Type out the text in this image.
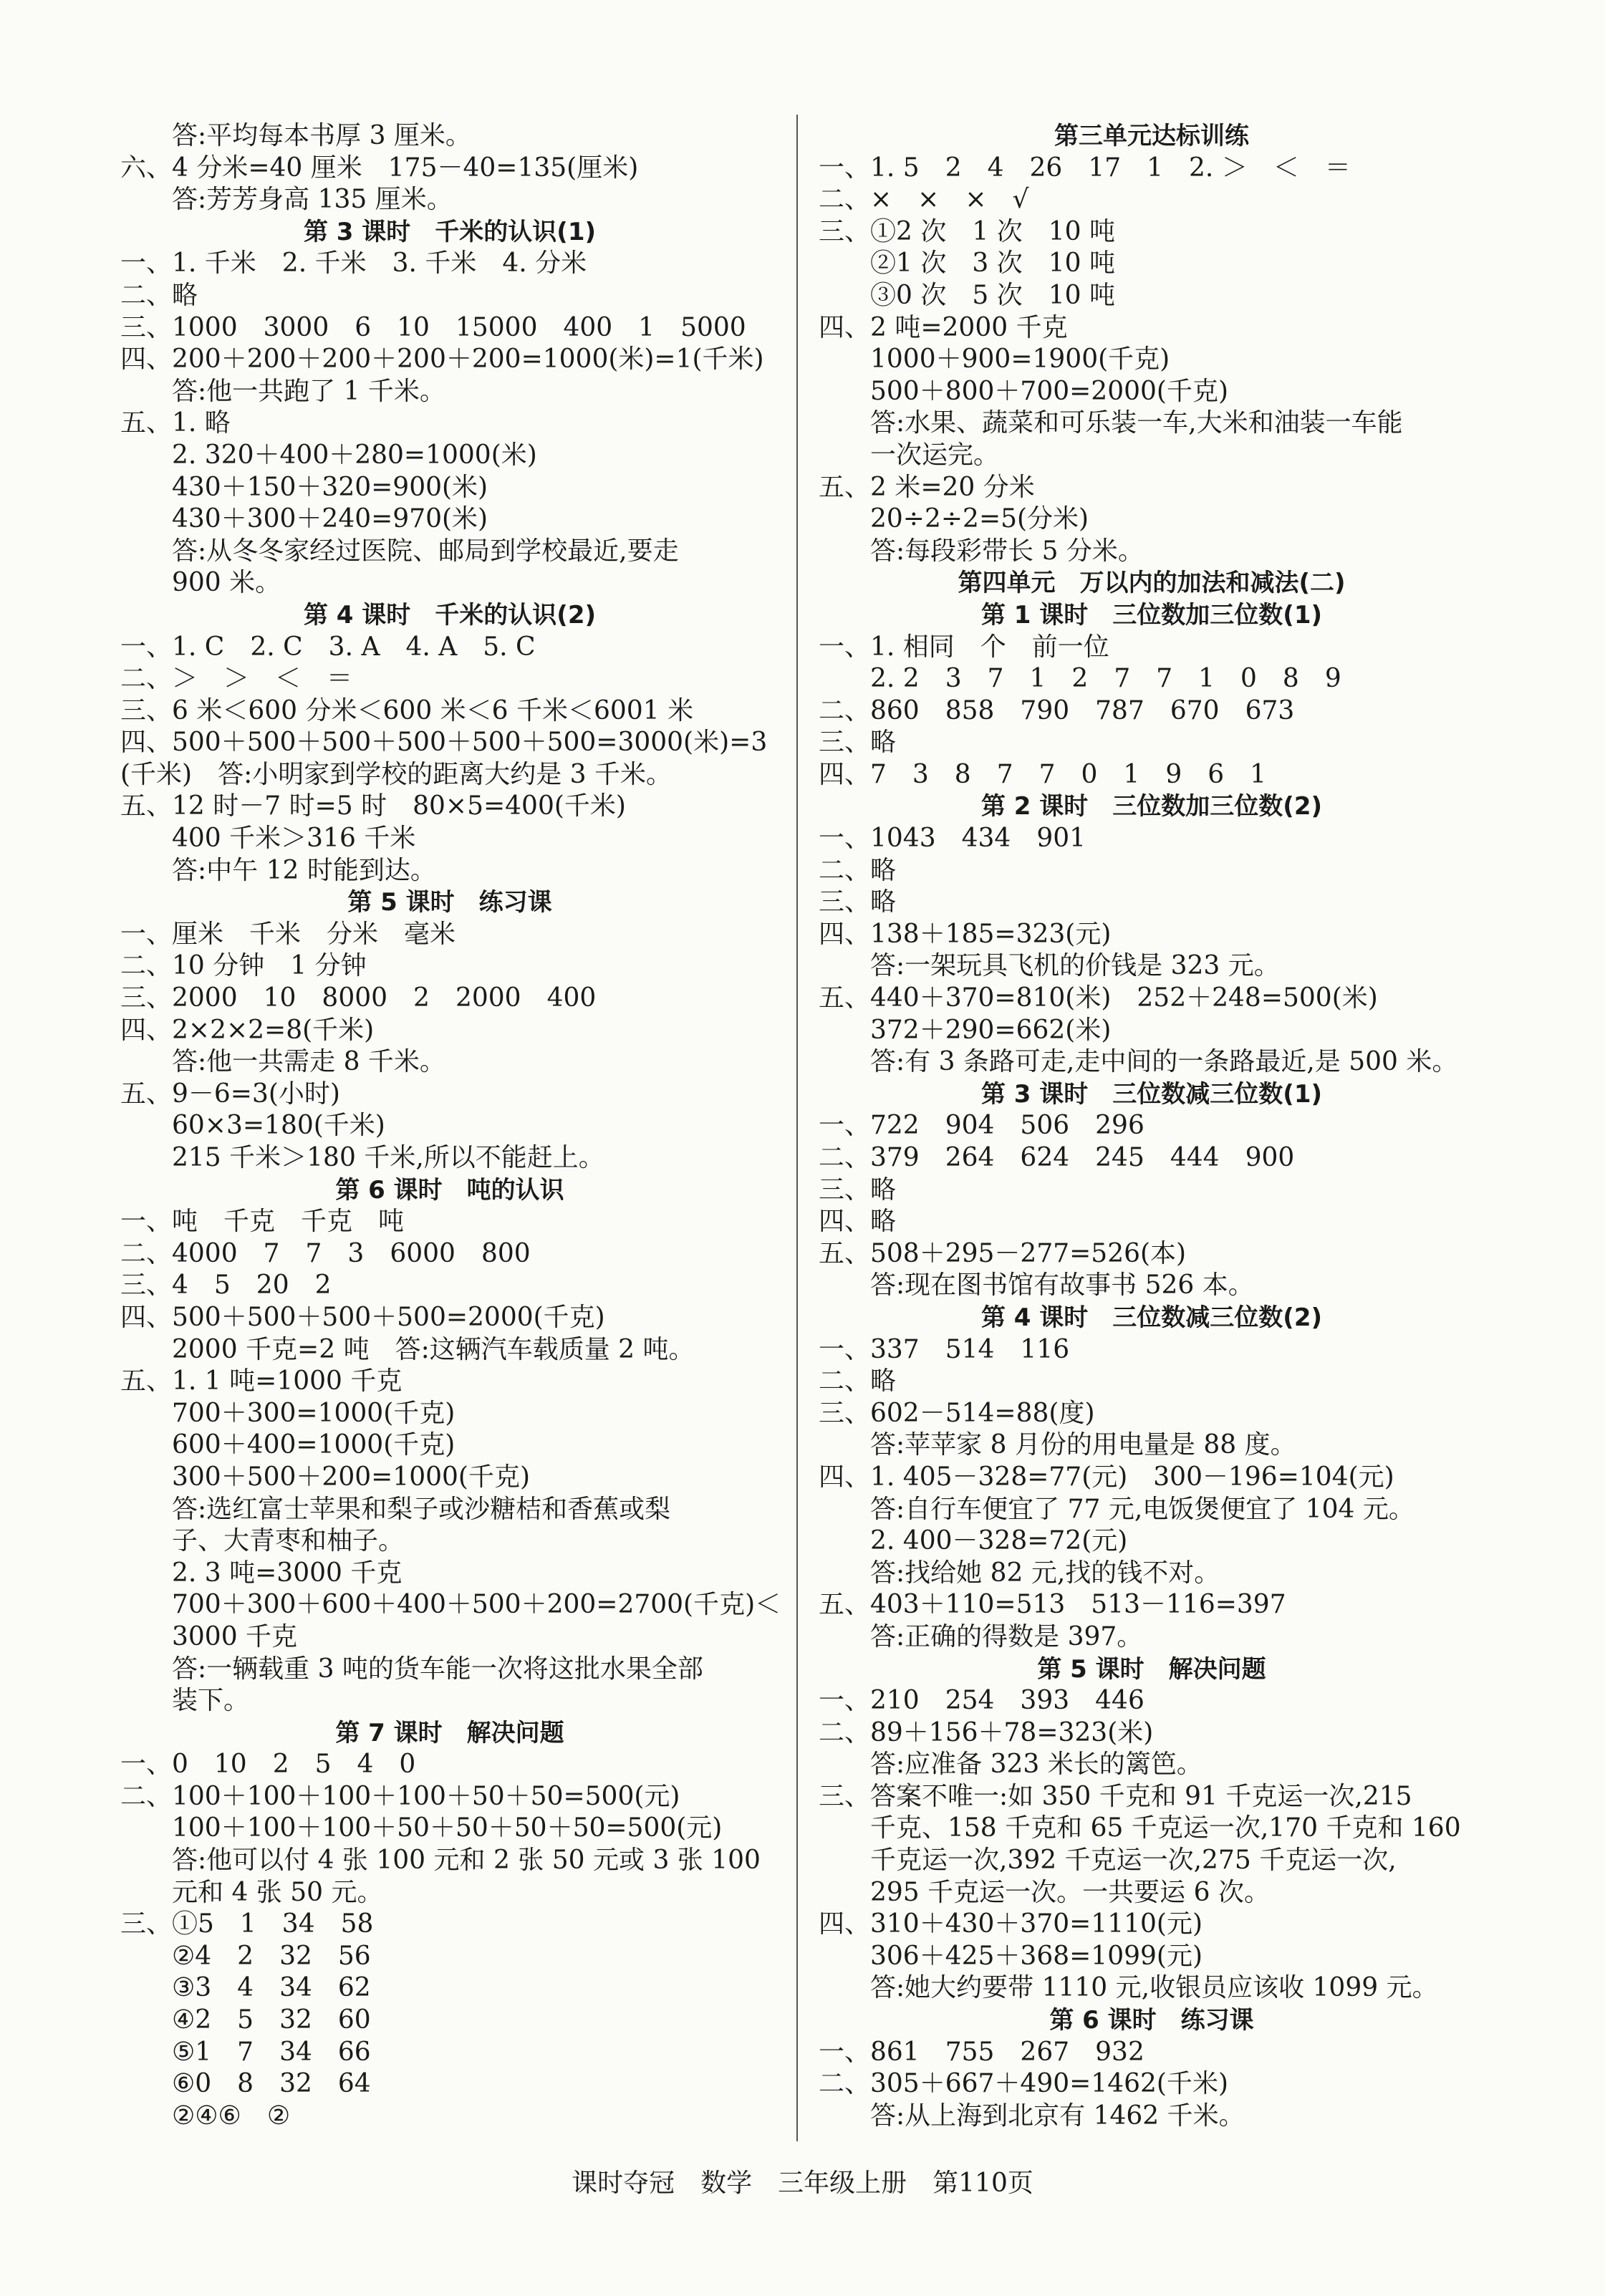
答:平均每本书厚 3 厘米。
六、4 分米=40 厘米　175－40=135(厘米)
答:芳芳身高 135 厘米。
第 3 课时　千米的认识(1)
一、1. 千米　2. 千米　3. 千米　4. 分米
二、略
三、1000　3000　6　10　15000　400　1　5000
四、200＋200＋200＋200＋200=1000(米)=1(千米)
答:他一共跑了 1 千米。
五、1. 略
2. 320＋400＋280=1000(米)
430＋150＋320=900(米)
430＋300＋240=970(米)
答:从冬冬家经过医院、邮局到学校最近,要走
900 米。
第 4 课时　千米的认识(2)
一、1. C　2. C　3. A　4. A　5. C
二、＞　＞　＜　＝
三、6 米＜600 分米＜600 米＜6 千米＜6001 米
四、500＋500＋500＋500＋500＋500=3000(米)=3
(千米)　答:小明家到学校的距离大约是 3 千米。
五、12 时－7 时=5 时　80×5=400(千米)
400 千米＞316 千米
答:中午 12 时能到达。
第 5 课时　练习课
一、厘米　千米　分米　毫米
二、10 分钟　1 分钟
三、2000　10　8000　2　2000　400
四、2×2×2=8(千米)
答:他一共需走 8 千米。
五、9－6=3(小时)
60×3=180(千米)
215 千米＞180 千米,所以不能赶上。
第 6 课时　吨的认识
一、吨　千克　千克　吨
二、4000　7　7　3　6000　800
三、4　5　20　2
四、500＋500＋500＋500=2000(千克)
2000 千克=2 吨　答:这辆汽车载质量 2 吨。
五、1. 1 吨=1000 千克
700＋300=1000(千克)
600＋400=1000(千克)
300＋500＋200=1000(千克)
答:选红富士苹果和梨子或沙糖桔和香蕉或梨
子、大青枣和柚子。
2. 3 吨=3000 千克
700＋300＋600＋400＋500＋200=2700(千克)＜
3000 千克
答:一辆载重 3 吨的货车能一次将这批水果全部
装下。
第 7 课时　解决问题
一、0　10　2　5　4　0
二、100＋100＋100＋100＋50＋50=500(元)
100＋100＋100＋50＋50＋50＋50=500(元)
答:他可以付 4 张 100 元和 2 张 50 元或 3 张 100
元和 4 张 50 元。
三、①5　1　34　58
②4　2　32　56
③3　4　34　62
④2　5　32　60
⑤1　7　34　66
⑥0　8　32　64
②④⑥　②
第三单元达标训练
一、1. 5　2　4　26　17　1　2. ＞　＜　＝
二、×　×　×　√
三、①2 次　1 次　10 吨
②1 次　3 次　10 吨
③0 次　5 次　10 吨
四、2 吨=2000 千克
1000＋900=1900(千克)
500＋800＋700=2000(千克)
答:水果、蔬菜和可乐装一车,大米和油装一车能
一次运完。
五、2 米=20 分米
20÷2÷2=5(分米)
答:每段彩带长 5 分米。
第四单元　万以内的加法和减法(二)
第 1 课时　三位数加三位数(1)
一、1. 相同　个　前一位
2. 2　3　7　1　2　7　7　1　0　8　9
二、860　858　790　787　670　673
三、略
四、7　3　8　7　7　0　1　9　6　1
第 2 课时　三位数加三位数(2)
一、1043　434　901
二、略
三、略
四、138＋185=323(元)
答:一架玩具飞机的价钱是 323 元。
五、440＋370=810(米)　252＋248=500(米)
372＋290=662(米)
答:有 3 条路可走,走中间的一条路最近,是 500 米。
第 3 课时　三位数减三位数(1)
一、722　904　506　296
二、379　264　624　245　444　900
三、略
四、略
五、508＋295－277=526(本)
答:现在图书馆有故事书 526 本。
第 4 课时　三位数减三位数(2)
一、337　514　116
二、略
三、602－514=88(度)
答:苹苹家 8 月份的用电量是 88 度。
四、1. 405－328=77(元)　300－196=104(元)
答:自行车便宜了 77 元,电饭煲便宜了 104 元。
2. 400－328=72(元)
答:找给她 82 元,找的钱不对。
五、403＋110=513　513－116=397
答:正确的得数是 397。
第 5 课时　解决问题
一、210　254　393　446
二、89＋156＋78=323(米)
答:应准备 323 米长的篱笆。
三、答案不唯一:如 350 千克和 91 千克运一次,215
千克、158 千克和 65 千克运一次,170 千克和 160
千克运一次,392 千克运一次,275 千克运一次,
295 千克运一次。一共要运 6 次。
四、310＋430＋370=1110(元)
306＋425＋368=1099(元)
答:她大约要带 1110 元,收银员应该收 1099 元。
第 6 课时　练习课
一、861　755　267　932
二、305＋667＋490=1462(千米)
答:从上海到北京有 1462 千米。
课时夺冠　数学　三年级上册　第110页
